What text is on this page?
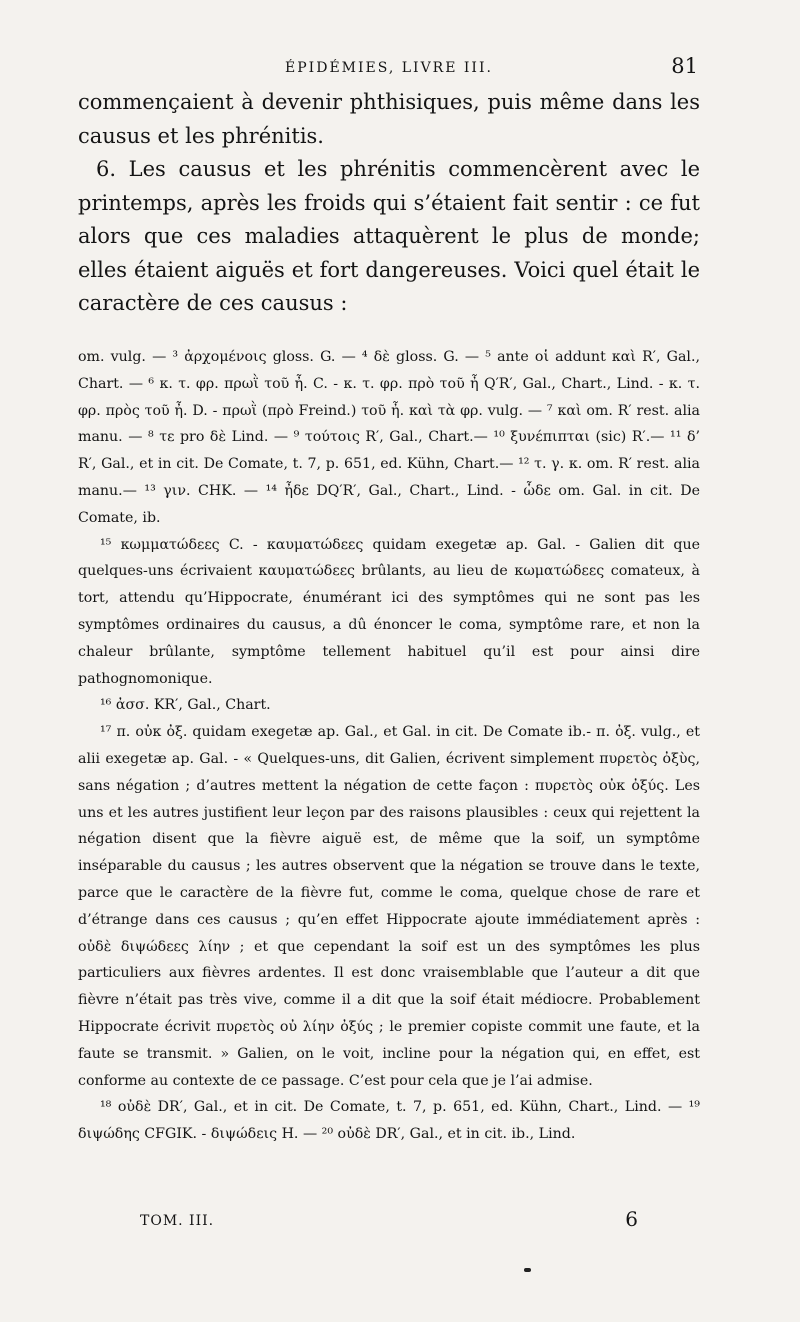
ÉPIDÉMIES, LIVRE III.	81

commençaient à devenir phthisiques, puis même dans les causus et les phrénitis.

6. Les causus et les phrénitis commencèrent avec le printemps, après les froids qui s’étaient fait sentir : ce fut alors que ces maladies attaquèrent le plus de monde; elles étaient aiguës et fort dangereuses. Voici quel était le caractère de ces causus :

om. vulg. — ³ ἀρχομένοις gloss. G. — ⁴ δὲ gloss. G. — ⁵ ante οἱ addunt καὶ R′, Gal., Chart. — ⁶ κ. τ. φρ. πρωῒ τοῦ ἦ. C. - κ. τ. φρ. πρὸ τοῦ ἦ Q′R′, Gal., Chart., Lind. - κ. τ. φρ. πρὸς τοῦ ἦ. D. - πρωῒ (πρὸ Freind.) τοῦ ἦ. καὶ τὰ φρ. vulg. — ⁷ καὶ om. R′ rest. alia manu. — ⁸ τε pro δὲ Lind. — ⁹ τούτοις R′, Gal., Chart.— ¹⁰ ξυνέπιπται (sic) R′.— ¹¹ δ’ R′, Gal., et in cit. De Comate, t. 7, p. 651, ed. Kühn, Chart.— ¹² τ. γ. κ. om. R′ rest. alia manu.— ¹³ γιν. CHK. — ¹⁴ ἦδε DQ′R′, Gal., Chart., Lind. - ὧδε om. Gal. in cit. De Comate, ib.

¹⁵ κωμματώδεες C. - καυματώδεες quidam exegetæ ap. Gal. - Galien dit que quelques-uns écrivaient καυματώδεες brûlants, au lieu de κωματώδεες comateux, à tort, attendu qu’Hippocrate, énumérant ici des symptômes qui ne sont pas les symptômes ordinaires du causus, a dû énoncer le coma, symptôme rare, et non la chaleur brûlante, symptôme tellement habituel qu’il est pour ainsi dire pathognomonique.

¹⁶ ἀσσ. KR′, Gal., Chart.

¹⁷ π. οὐκ ὀξ. quidam exegetæ ap. Gal., et Gal. in cit. De Comate ib.- π. ὀξ. vulg., et alii exegetæ ap. Gal. - « Quelques-uns, dit Galien, écrivent simplement πυρετὸς ὀξὺς, sans négation ; d’autres mettent la négation de cette façon : πυρετὸς οὐκ ὀξύς. Les uns et les autres justifient leur leçon par des raisons plausibles : ceux qui rejettent la négation disent que la fièvre aiguë est, de même que la soif, un symptôme inséparable du causus ; les autres observent que la négation se trouve dans le texte, parce que le caractère de la fièvre fut, comme le coma, quelque chose de rare et d’étrange dans ces causus ; qu’en effet Hippocrate ajoute immédiatement après : οὐδὲ διψώδεες λίην ; et que cependant la soif est un des symptômes les plus particuliers aux fièvres ardentes. Il est donc vraisemblable que l’auteur a dit que fièvre n’était pas très vive, comme il a dit que la soif était médiocre. Probablement Hippocrate écrivit πυρετὸς οὐ λίην ὀξύς ; le premier copiste commit une faute, et la faute se transmit. » Galien, on le voit, incline pour la négation qui, en effet, est conforme au contexte de ce passage. C’est pour cela que je l’ai admise.

¹⁸ οὐδὲ DR′, Gal., et in cit. De Comate, t. 7, p. 651, ed. Kühn, Chart., Lind. — ¹⁹ διψώδης CFGIK. - διψώδεις H. — ²⁰ οὐδὲ DR′, Gal., et in cit. ib., Lind.

TOM. III.	6
